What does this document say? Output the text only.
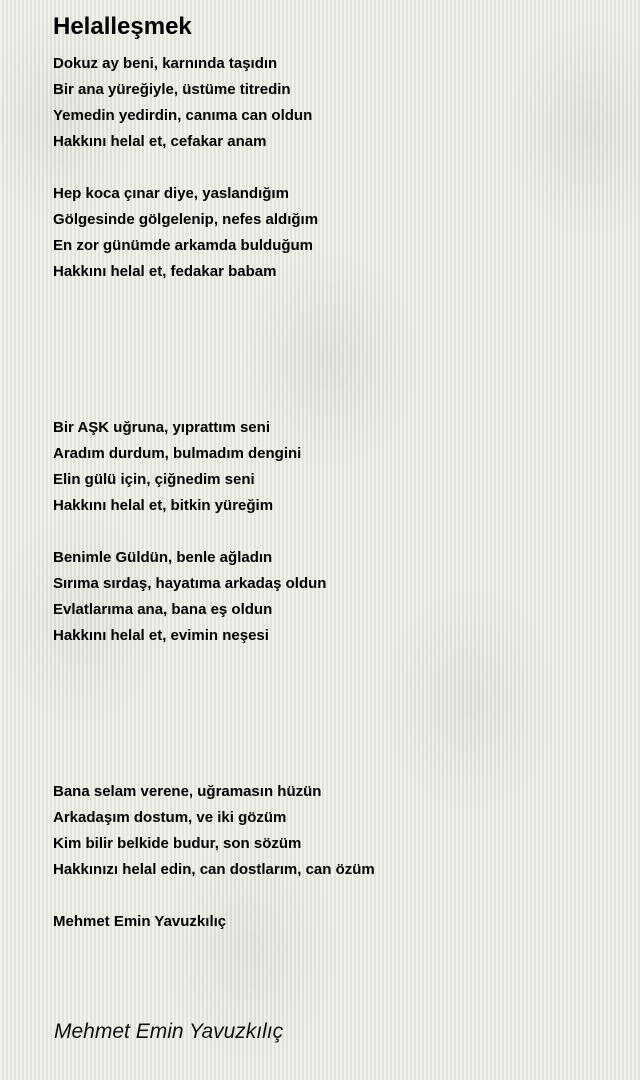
Helalleşmek
Dokuz ay beni, karnında taşıdın
Bir ana yüreğiyle, üstüme titredin
Yemedin yedirdin, canıma can oldun
Hakkını helal et, cefakar anam
Hep koca çınar diye, yaslandığım
Gölgesinde gölgelenip, nefes aldığım
En zor günümde arkamda bulduğum
Hakkını helal et, fedakar babam
Bir AŞK uğruna, yıprattım seni
Aradım durdum, bulmadım dengini
Elin gülü için, çiğnedim seni
Hakkını helal et, bitkin yüreğim
Benimle Güldün, benle ağladın
Sırıma sırdaş, hayatıma arkadaş oldun
Evlatlarıma ana, bana eş oldun
Hakkını helal et, evimin neşesi
Bana selam verene, uğramasın hüzün
Arkadaşım dostum, ve iki gözüm
Kim bilir belkide budur, son sözüm
Hakkınızı helal edin, can dostlarım, can özüm
Mehmet Emin Yavuzkılıç
Mehmet Emin Yavuzkılıç
